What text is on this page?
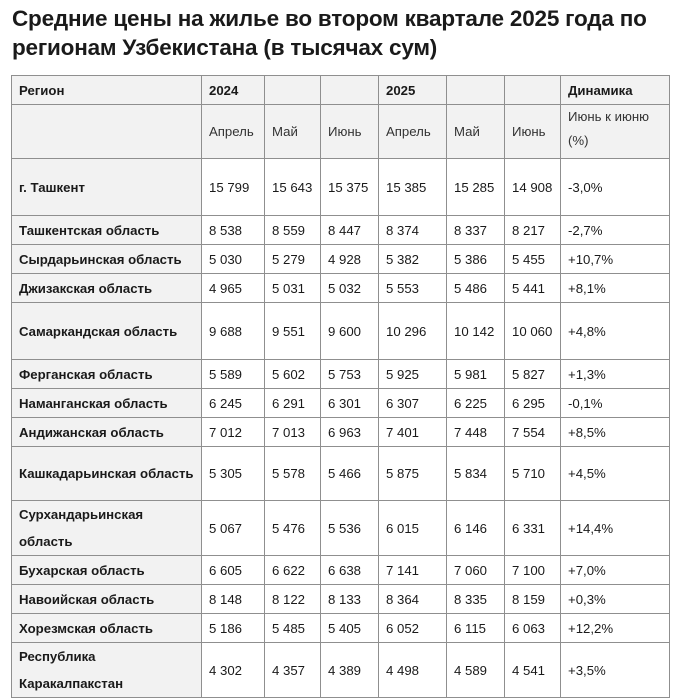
Средние цены на жилье во втором квартале 2025 года по регионам Узбекистана (в тысячах сум)
Регион	2024			2025			Динамика
	Апрель	Май	Июнь	Апрель	Май	Июнь	Июнь к июню (%)
г. Ташкент	15 799	15 643	15 375	15 385	15 285	14 908	-3,0%
Ташкентская область	8 538	8 559	8 447	8 374	8 337	8 217	-2,7%
Сырдарьинская область	5 030	5 279	4 928	5 382	5 386	5 455	+10,7%
Джизакская область	4 965	5 031	5 032	5 553	5 486	5 441	+8,1%
Самаркандская область	9 688	9 551	9 600	10 296	10 142	10 060	+4,8%
Ферганская область	5 589	5 602	5 753	5 925	5 981	5 827	+1,3%
Наманганская область	6 245	6 291	6 301	6 307	6 225	6 295	-0,1%
Андижанская область	7 012	7 013	6 963	7 401	7 448	7 554	+8,5%
Кашкадарьинская область	5 305	5 578	5 466	5 875	5 834	5 710	+4,5%
Сурхандарьинская область	5 067	5 476	5 536	6 015	6 146	6 331	+14,4%
Бухарская область	6 605	6 622	6 638	7 141	7 060	7 100	+7,0%
Навоийская область	8 148	8 122	8 133	8 364	8 335	8 159	+0,3%
Хорезмская область	5 186	5 485	5 405	6 052	6 115	6 063	+12,2%
Республика Каракалпакстан	4 302	4 357	4 389	4 498	4 589	4 541	+3,5%
